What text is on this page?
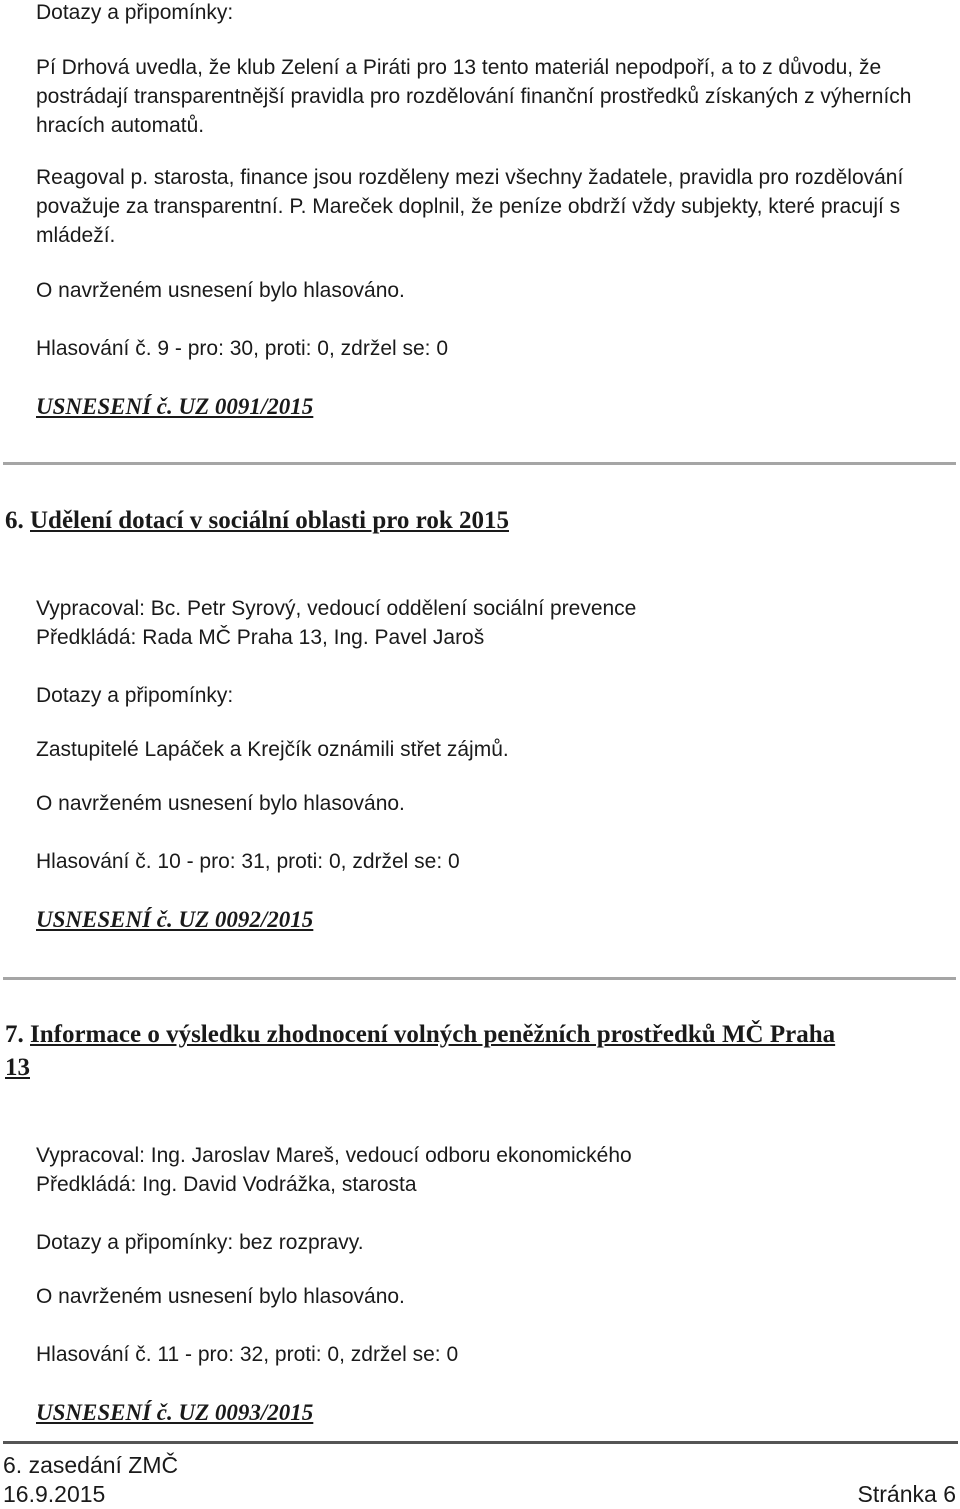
Dotazy a připomínky:

Pí Drhová uvedla, že klub Zelení a Piráti pro 13 tento materiál nepodpoří, a to z důvodu, že postrádají transparentnější pravidla pro rozdělování finanční prostředků získaných z výherních hracích automatů.

Reagoval p. starosta, finance jsou rozděleny mezi všechny žadatele, pravidla pro rozdělování považuje za transparentní. P. Mareček doplnil, že peníze obdrží vždy subjekty, které pracují s mládeží.

O navrženém usnesení bylo hlasováno.

Hlasování č. 9 - pro: 30, proti: 0, zdržel se: 0

USNESENÍ č. UZ 0091/2015
6. Udělení dotací v sociální oblasti pro rok 2015

Vypracoval: Bc. Petr Syrový, vedoucí oddělení sociální prevence

Předkládá: Rada MČ Praha 13, Ing. Pavel Jaroš

Dotazy a připomínky:

Zastupitelé Lapáček a Krejčík oznámili střet zájmů.

O navrženém usnesení bylo hlasováno.

Hlasování č. 10 - pro: 31, proti: 0, zdržel se: 0

USNESENÍ č. UZ 0092/2015
7. Informace o výsledku zhodnocení volných peněžních prostředků MČ Praha
13

Vypracoval: Ing. Jaroslav Mareš, vedoucí odboru ekonomického

Předkládá: Ing. David Vodrážka, starosta

Dotazy a připomínky: bez rozpravy.

O navrženém usnesení bylo hlasováno.

Hlasování č. 11 - pro: 32, proti: 0, zdržel se: 0

USNESENÍ č. UZ 0093/2015
6. zasedání ZMČ
16.9.2015	Stránka 6
